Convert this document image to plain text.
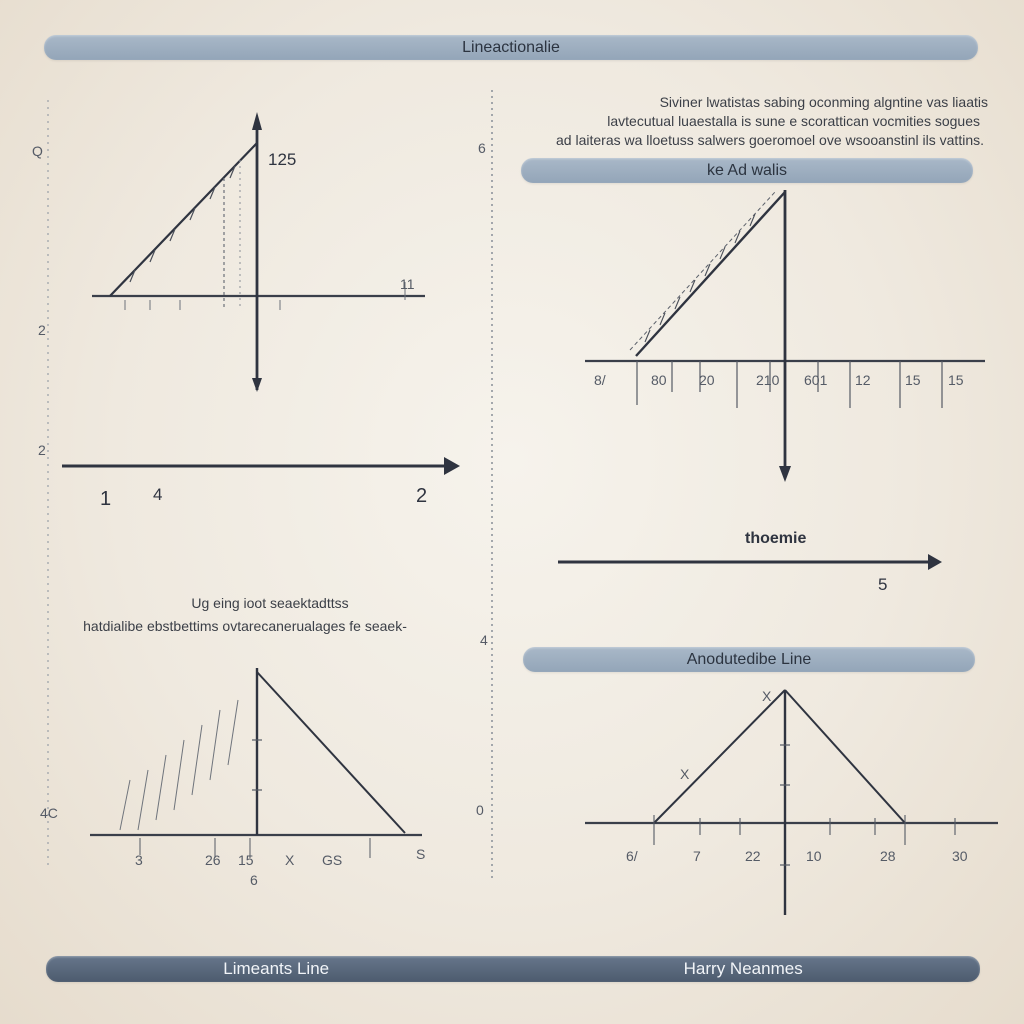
Lineactionalie
Q
2
2
125
11
1 4	2
Siviner lwatistas sabing oconming algntine vas liaatis
lavtecutual luaestalla is sune e scorattican vocmities sogues
ad laiteras wa lloetuss salwers goeromoel ove wsooanstinl ils vattins.
ke Ad walis
6
4
8/	80 20	210 601 12 15 15
thoemie
5
Ug eing ioot seaektadttss
hatdialibe ebstbettims ovtarecanerualages fe seaek-
4C
3	26 15 X GS	S
6
Anodutedibe Line
0
X
X
6/	7	22	10	28	30
Limeants Line	Harry Neanmes
